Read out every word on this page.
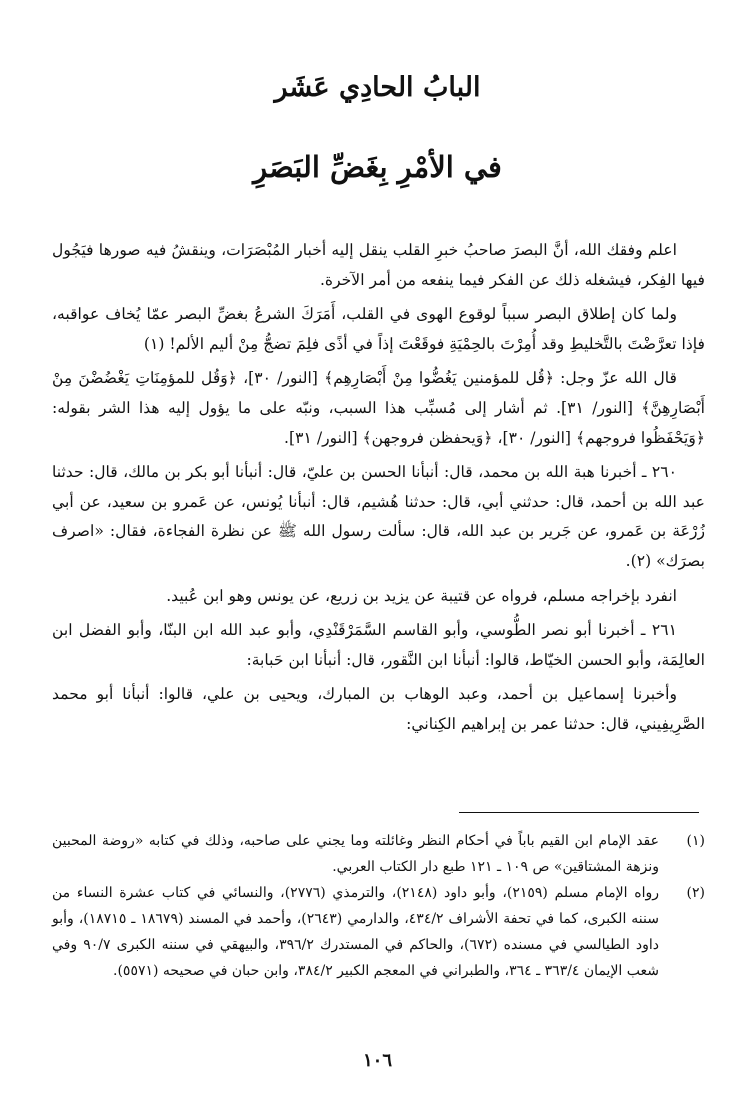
البابُ الحادِي عَشَر
في الأمْرِ بِغَضِّ البَصَرِ

اعلم وفقك الله، أنَّ البصرَ صاحبُ خبرِ القلب ينقل إليه أخبار المُبْصَرَات، وينقشُ فيه صورها فيَجُول فيها الفِكر، فيشغله ذلك عن الفكر فيما ينفعه من أمر الآخرة.

ولما كان إطلاق البصر سبباً لوقوع الهوى في القلب، أَمَرَكَ الشرعُ بغضِّ البصر عمّا يُخاف عواقبه، فإذا تعرَّضْتَ بالتَّخليطِ وقد أُمِرْتَ بالحِمْيَةِ فوقَعْتَ إذاً في أذًى فلِمَ تضجُّ مِنْ أليم الألم! (١)

قال الله عزّ وجل: ﴿قُل للمؤمنين يَغُضُّوا مِنْ أَبْصَارِهِم﴾ [النور/ ٣٠]، ﴿وَقُل للمؤمِنَاتِ يَغْضُضْنَ مِنْ أَبْصَارِهِنَّ﴾ [النور/ ٣١]. ثم أشار إلى مُسبِّب هذا السبب، ونبّه على ما يؤول إليه هذا الشر بقوله: ﴿وَيَحْفَظُوا فروجهم﴾ [النور/ ٣٠]، ﴿وَيحفظن فروجهن﴾ [النور/ ٣١].

٢٦٠ ـ أخبرنا هبة الله بن محمد، قال: أنبأنا الحسن بن عليّ، قال: أنبأنا أبو بكر بن مالك، قال: حدثنا عبد الله بن أحمد، قال: حدثني أبي، قال: حدثنا هُشيم، قال: أنبأنا يُونس، عن عَمرو بن سعيد، عن أبي زُرْعَة بن عَمرو، عن جَرير بن عبد الله، قال: سألت رسول الله ﷺ عن نظرة الفجاءة، فقال: «اصرف بصرَك» (٢).

انفرد بإخراجه مسلم، فرواه عن قتيبة عن يزيد بن زريع، عن يونس وهو ابن عُبيد.

٢٦١ ـ أخبرنا أبو نصر الطُّوسي، وأبو القاسم السَّمَرْقَنْدِي، وأبو عبد الله ابن البنّا، وأبو الفضل ابن العالِمَة، وأبو الحسن الخيّاط، قالوا: أنبأنا ابن النَّقور، قال: أنبأنا ابن حَبابة:

وأخبرنا إسماعيل بن أحمد، وعبد الوهاب بن المبارك، ويحيى بن علي، قالوا: أنبأنا أبو محمد الصَّرِيفِيني، قال: حدثنا عمر بن إبراهيم الكِناني:

(١)
عقد الإمام ابن القيم باباً في أحكام النظر وغائلته وما يجني على صاحبه، وذلك في كتابه «روضة المحبين ونزهة المشتاقين» ص ١٠٩ ـ ١٢١ طبع دار الكتاب العربي.
(٢)
رواه الإمام مسلم (٢١٥٩)، وأبو داود (٢١٤٨)، والترمذي (٢٧٧٦)، والنسائي في كتاب عشرة النساء من سننه الكبرى، كما في تحفة الأشراف ٤٣٤/٢، والدارمي (٢٦٤٣)، وأحمد في المسند (١٨٦٧٩ ـ ١٨٧١٥)، وأبو داود الطيالسي في مسنده (٦٧٢)، والحاكم في المستدرك ٣٩٦/٢، والبيهقي في سننه الكبرى ٩٠/٧ وفي شعب الإيمان ٣٦٣/٤ ـ ٣٦٤، والطبراني في المعجم الكبير ٣٨٤/٢، وابن حبان في صحيحه (٥٥٧١).
١٠٦
